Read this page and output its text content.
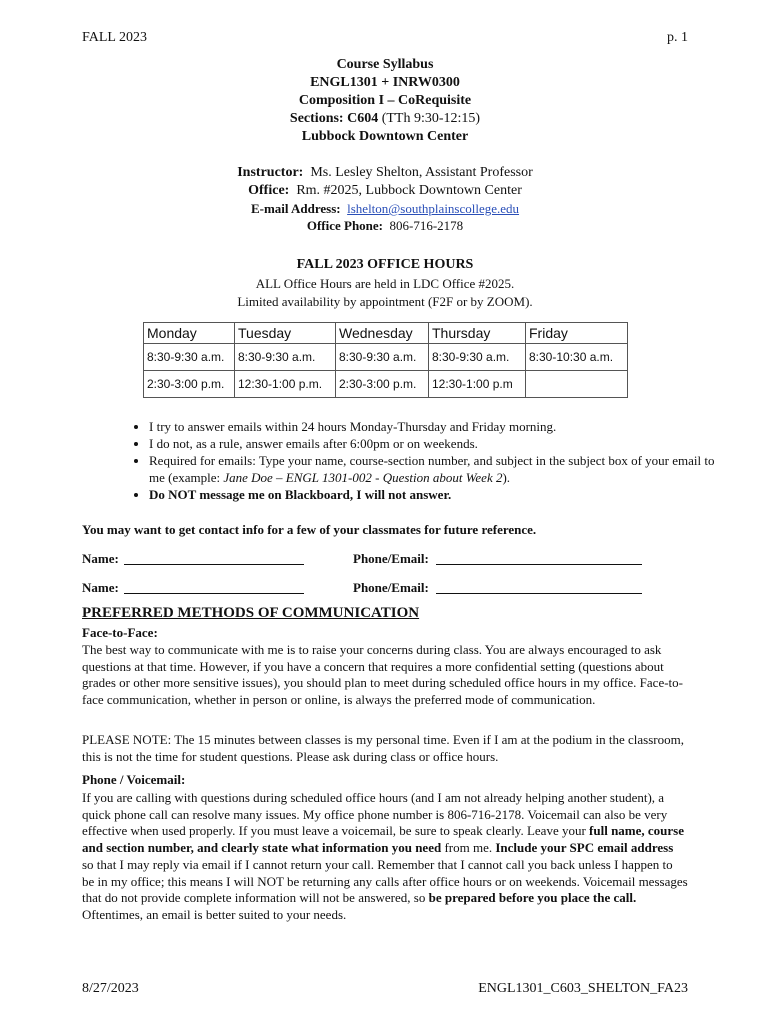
FALL 2023	p. 1
Course Syllabus
ENGL1301 + INRW0300
Composition I – CoRequisite
Sections: C604 (TTh 9:30-12:15)
Lubbock Downtown Center
Instructor: Ms. Lesley Shelton, Assistant Professor
Office: Rm. #2025, Lubbock Downtown Center
E-mail Address: lshelton@southplainscollege.edu
Office Phone: 806-716-2178
FALL 2023 OFFICE HOURS
ALL Office Hours are held in LDC Office #2025.
Limited availability by appointment (F2F or by ZOOM).
Monday	Tuesday	Wednesday	Thursday	Friday
8:30-9:30 a.m.	8:30-9:30 a.m.	8:30-9:30 a.m.	8:30-9:30 a.m.	8:30-10:30 a.m.
2:30-3:00 p.m.	12:30-1:00 p.m.	2:30-3:00 p.m.	12:30-1:00 p.m	
• I try to answer emails within 24 hours Monday-Thursday and Friday morning.
• I do not, as a rule, answer emails after 6:00pm or on weekends.
• Required for emails: Type your name, course-section number, and subject in the subject box of your email to me (example: Jane Doe – ENGL 1301-002 - Question about Week 2).
• Do NOT message me on Blackboard, I will not answer.
You may want to get contact info for a few of your classmates for future reference.
Name:	Phone/Email:
Name:	Phone/Email:
PREFERRED METHODS OF COMMUNICATION
Face-to-Face:
The best way to communicate with me is to raise your concerns during class. You are always encouraged to ask questions at that time. However, if you have a concern that requires a more confidential setting (questions about grades or other more sensitive issues), you should plan to meet during scheduled office hours in my office. Face-to-face communication, whether in person or online, is always the preferred mode of communication.
PLEASE NOTE: The 15 minutes between classes is my personal time. Even if I am at the podium in the classroom, this is not the time for student questions. Please ask during class or office hours.
Phone / Voicemail:
If you are calling with questions during scheduled office hours (and I am not already helping another student), a quick phone call can resolve many issues. My office phone number is 806-716-2178. Voicemail can also be very effective when used properly. If you must leave a voicemail, be sure to speak clearly. Leave your full name, course and section number, and clearly state what information you need from me. Include your SPC email address so that I may reply via email if I cannot return your call. Remember that I cannot call you back unless I happen to be in my office; this means I will NOT be returning any calls after office hours or on weekends. Voicemail messages that do not provide complete information will not be answered, so be prepared before you place the call. Oftentimes, an email is better suited to your needs.
8/27/2023	ENGL1301_C603_SHELTON_FA23
